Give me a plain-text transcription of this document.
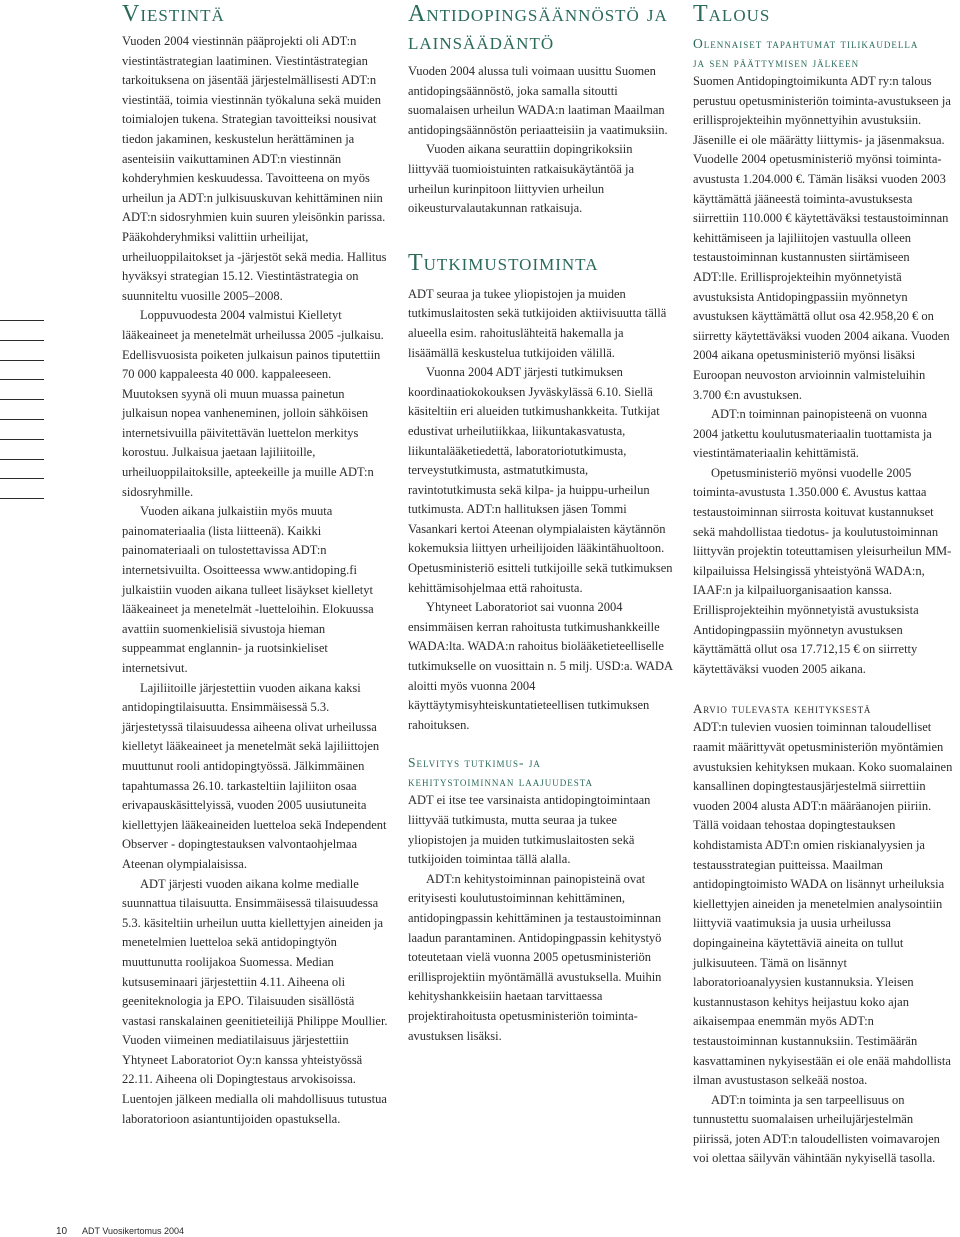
Viestintä

Vuoden 2004 viestinnän pääprojekti oli ADT:n viestintästrategian laatiminen. Viestintästrategian tarkoituksena on jäsentää järjestelmällisesti ADT:n viestintää, toimia viestinnän työkaluna sekä muiden toimialojen tukena. Strategian tavoitteiksi nousivat tiedon jakaminen, keskustelun herättäminen ja asenteisiin vaikuttaminen ADT:n viestinnän kohderyhmien keskuudessa. Tavoitteena on myös urheilun ja ADT:n julkisuuskuvan kehittäminen niin ADT:n sidosryhmien kuin suuren yleisönkin parissa. Pääkohderyhmiksi valittiin urheilijat, urheiluoppilaitokset ja -järjestöt sekä media. Hallitus hyväksyi strategian 15.12. Viestintästrategia on suunniteltu vuosille 2005–2008.

Loppuvuodesta 2004 valmistui Kielletyt lääkeaineet ja menetelmät urheilussa 2005 -julkaisu. Edellisvuosista poiketen julkaisun painos tiputettiin 70 000 kappaleesta 40 000. kappaleeseen. Muutoksen syynä oli muun muassa painetun julkaisun nopea vanheneminen, jolloin sähköisen internetsivuilla päivitettävän luettelon merkitys korostuu. Julkaisua jaetaan lajiliitoille, urheiluoppilaitoksille, apteekeille ja muille ADT:n sidosryhmille.

Vuoden aikana julkaistiin myös muuta painomateriaalia (lista liitteenä). Kaikki painomateriaali on tulostettavissa ADT:n internetsivuilta. Osoitteessa www.antidoping.fi julkaistiin vuoden aikana tulleet lisäykset kielletyt lääkeaineet ja menetelmät -luetteloihin. Elokuussa avattiin suomenkielisiä sivustoja hieman suppeammat englannin- ja ruotsinkieliset internetsivut.

Lajiliitoille järjestettiin vuoden aikana kaksi antidopingtilaisuutta. Ensimmäisessä 5.3. järjestetyssä tilaisuudessa aiheena olivat urheilussa kielletyt lääkeaineet ja menetelmät sekä lajiliittojen muuttunut rooli antidopingtyössä. Jälkimmäinen tapahtumassa 26.10. tarkasteltiin lajiliiton osaa erivapauskäsittelyissä, vuoden 2005 uusiutuneita kiellettyjen lääkeaineiden luetteloa sekä Independent Observer - dopingtestauksen valvontaohjelmaa Ateenan olympialaisissa.

ADT järjesti vuoden aikana kolme medialle suunnattua tilaisuutta. Ensimmäisessä tilaisuudessa 5.3. käsiteltiin urheilun uutta kiellettyjen aineiden ja menetelmien luetteloa sekä antidopingtyön muuttunutta roolijakoa Suomessa. Median kutsuseminaari järjestettiin 4.11. Aiheena oli geeniteknologia ja EPO. Tilaisuuden sisällöstä vastasi ranskalainen geenitieteilijä Philippe Moullier. Vuoden viimeinen mediatilaisuus järjestettiin Yhtyneet Laboratoriot Oy:n kanssa yhteistyössä 22.11. Aiheena oli Dopingtestaus arvokisoissa. Luentojen jälkeen medialla oli mahdollisuus tutustua laboratorioon asiantuntijoiden opastuksella.

Antidopingsäännöstö ja
lainsäädäntö

Vuoden 2004 alussa tuli voimaan uusittu Suomen antidopingsäännöstö, joka samalla sitoutti suomalaisen urheilun WADA:n laatiman Maailman antidopingsäännöstön periaatteisiin ja vaatimuksiin.

Vuoden aikana seurattiin dopingrikoksiin liittyvää tuomioistuinten ratkaisukäytäntöä ja urheilun kurinpitoon liittyvien urheilun oikeusturvalautakunnan ratkaisuja.

Tutkimustoiminta

ADT seuraa ja tukee yliopistojen ja muiden tutkimuslaitosten sekä tutkijoiden aktiivisuutta tällä alueella esim. rahoituslähteitä hakemalla ja lisäämällä keskustelua tutkijoiden välillä.

Vuonna 2004 ADT järjesti tutkimuksen koordinaatiokokouksen Jyväskylässä 6.10. Siellä käsiteltiin eri alueiden tutkimushankkeita. Tutkijat edustivat urheilutiikkaa, liikuntakasvatusta, liikuntalääketiedettä, laboratoriotutkimusta, terveystutkimusta, astmatutkimusta, ravintotutkimusta sekä kilpa- ja huippu-urheilun tutkimusta. ADT:n hallituksen jäsen Tommi Vasankari kertoi Ateenan olympialaisten käytännön kokemuksia liittyen urheilijoiden lääkintähuoltoon. Opetusministeriö esitteli tutkijoille sekä tutkimuksen kehittämisohjelmaa että rahoitusta.

Yhtyneet Laboratoriot sai vuonna 2004 ensimmäisen kerran rahoitusta tutkimushankkeille WADA:lta. WADA:n rahoitus biolääketieteelliselle tutkimukselle on vuosittain n. 5 milj. USD:a. WADA aloitti myös vuonna 2004 käyttäytymisyhteiskuntatieteellisen tutkimuksen rahoituksen.

Selvitys tutkimus- ja
kehitystoiminnan laajuudesta

ADT ei itse tee varsinaista antidopingtoimintaan liittyvää tutkimusta, mutta seuraa ja tukee yliopistojen ja muiden tutkimuslaitosten sekä tutkijoiden toimintaa tällä alalla.

ADT:n kehitystoiminnan painopisteinä ovat erityisesti koulutustoiminnan kehittäminen, antidopingpassin kehittäminen ja testaustoiminnan laadun parantaminen. Antidopingpassin kehitystyö toteutetaan vielä vuonna 2005 opetusministeriön erillisprojektiin myöntämällä avustuksella. Muihin kehityshankkeisiin haetaan tarvittaessa projektirahoitusta opetusministeriön toiminta-avustuksen lisäksi.

Talous
Olennaiset tapahtumat tilikaudella
ja sen päättymisen jälkeen

Suomen Antidopingtoimikunta ADT ry:n talous perustuu opetusministeriön toiminta-avustukseen ja erillisprojekteihin myönnettyihin avustuksiin. Jäsenille ei ole määrätty liittymis- ja jäsenmaksua. Vuodelle 2004 opetusministeriö myönsi toiminta-avustusta 1.204.000 €. Tämän lisäksi vuoden 2003 käyttämättä jääneestä toiminta-avustuksesta siirrettiin 110.000 € käytettäväksi testaustoiminnan kehittämiseen ja lajiliitojen vastuulla olleen testaustoiminnan kustannusten siirtämiseen ADT:lle. Erillisprojekteihin myönnetyistä avustuksista Antidopingpassiin myönnetyn avustuksen käyttämättä ollut osa 42.958,20 € on siirretty käytettäväksi vuoden 2004 aikana. Vuoden 2004 aikana opetusministeriö myönsi lisäksi Euroopan neuvoston arvioinnin valmisteluihin 3.700 €:n avustuksen.

ADT:n toiminnan painopisteenä on vuonna 2004 jatkettu koulutusmateriaalin tuottamista ja viestintämateriaalin kehittämistä.

Opetusministeriö myönsi vuodelle 2005 toiminta-avustusta 1.350.000 €. Avustus kattaa testaustoiminnan siirrosta koituvat kustannukset sekä mahdollistaa tiedotus- ja koulutustoiminnan liittyvän projektin toteuttamisen yleisurheilun MM-kilpailuissa Helsingissä yhteistyönä WADA:n, IAAF:n ja kilpailuorganisaation kanssa. Erillisprojekteihin myönnetyistä avustuksista Antidopingpassiin myönnetyn avustuksen käyttämättä ollut osa 17.712,15 € on siirretty käytettäväksi vuoden 2005 aikana.

Arvio tulevasta kehityksestä

ADT:n tulevien vuosien toiminnan taloudelliset raamit määrittyvät opetusministeriön myöntämien avustuksien kehityksen mukaan. Koko suomalainen kansallinen dopingtestausjärjestelmä siirrettiin vuoden 2004 alusta ADT:n määräanojen piiriin. Tällä voidaan tehostaa dopingtestauksen kohdistamista ADT:n omien riskianalyysien ja testausstrategian puitteissa. Maailman antidopingtoimisto WADA on lisännyt urheiluksia kiellettyjen aineiden ja menetelmien analysointiin liittyviä vaatimuksia ja uusia urheilussa dopingaineina käytettäviä aineita on tullut julkisuuteen. Tämä on lisännyt laboratorioanalyysien kustannuksia. Yleisen kustannustason kehitys heijastuu koko ajan aikaisempaa enemmän myös ADT:n testaustoiminnan kustannuksiin. Testimäärän kasvattaminen nykyisestään ei ole enää mahdollista ilman avustustason selkeää nostoa.

ADT:n toiminta ja sen tarpeellisuus on tunnustettu suomalaisen urheilujärjestelmän piirissä, joten ADT:n taloudellisten voimavarojen voi olettaa säilyvän vähintään nykyisellä tasolla.

10 ADT Vuosikertomus 2004
